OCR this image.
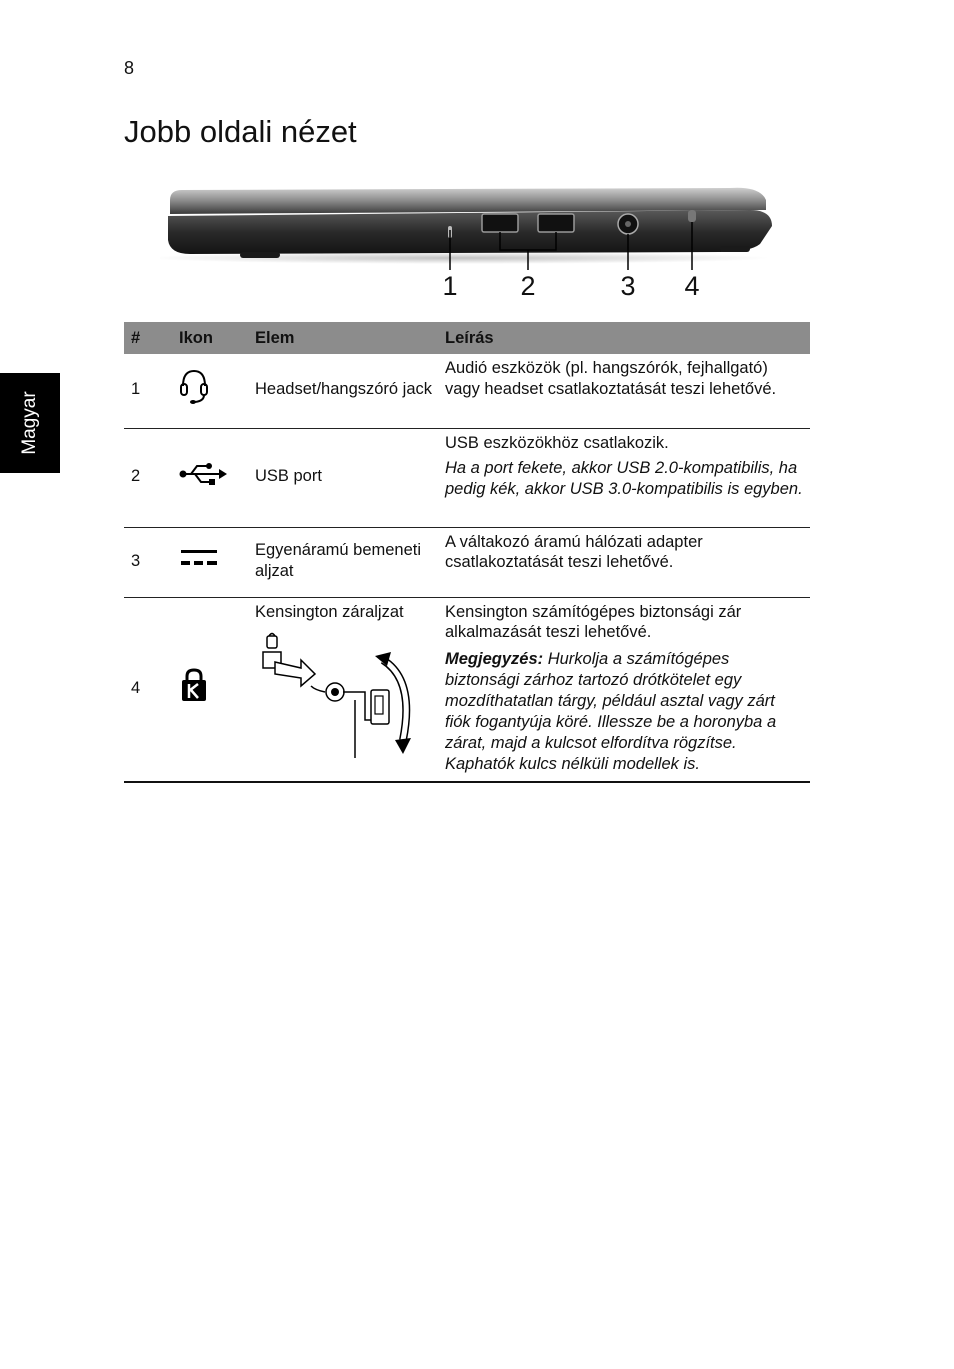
8
Jobb oldali nézet
Magyar
1 2	3 4
#	Ikon	Elem	Leírás
1		Headset/hangszóró jack	Audió eszközök (pl. hangszórók, fejhallgató) vagy headset csatlakoztatását teszi lehetővé.
2		USB port	USB eszközökhöz csatlakozik.
Ha a port fekete, akkor USB 2.0-kompatibilis, ha pedig kék, akkor USB 3.0-kompatibilis is egyben.

3		Egyenáramú bemeneti aljzat	A váltakozó áramú hálózati adapter csatlakoztatását teszi lehetővé.
4		Kensington záraljzat	Kensington számítógépes biztonsági zár alkalmazását teszi lehetővé.
Megjegyzés: Hurkolja a számítógépes biztonsági zárhoz tartozó drótkötelet egy mozdíthatatlan tárgy, például asztal vagy zárt fiók fogantyúja köré. Illessze be a horonyba a zárat, majd a kulcsot elfordítva rögzítse. Kaphatók kulcs nélküli modellek is.
